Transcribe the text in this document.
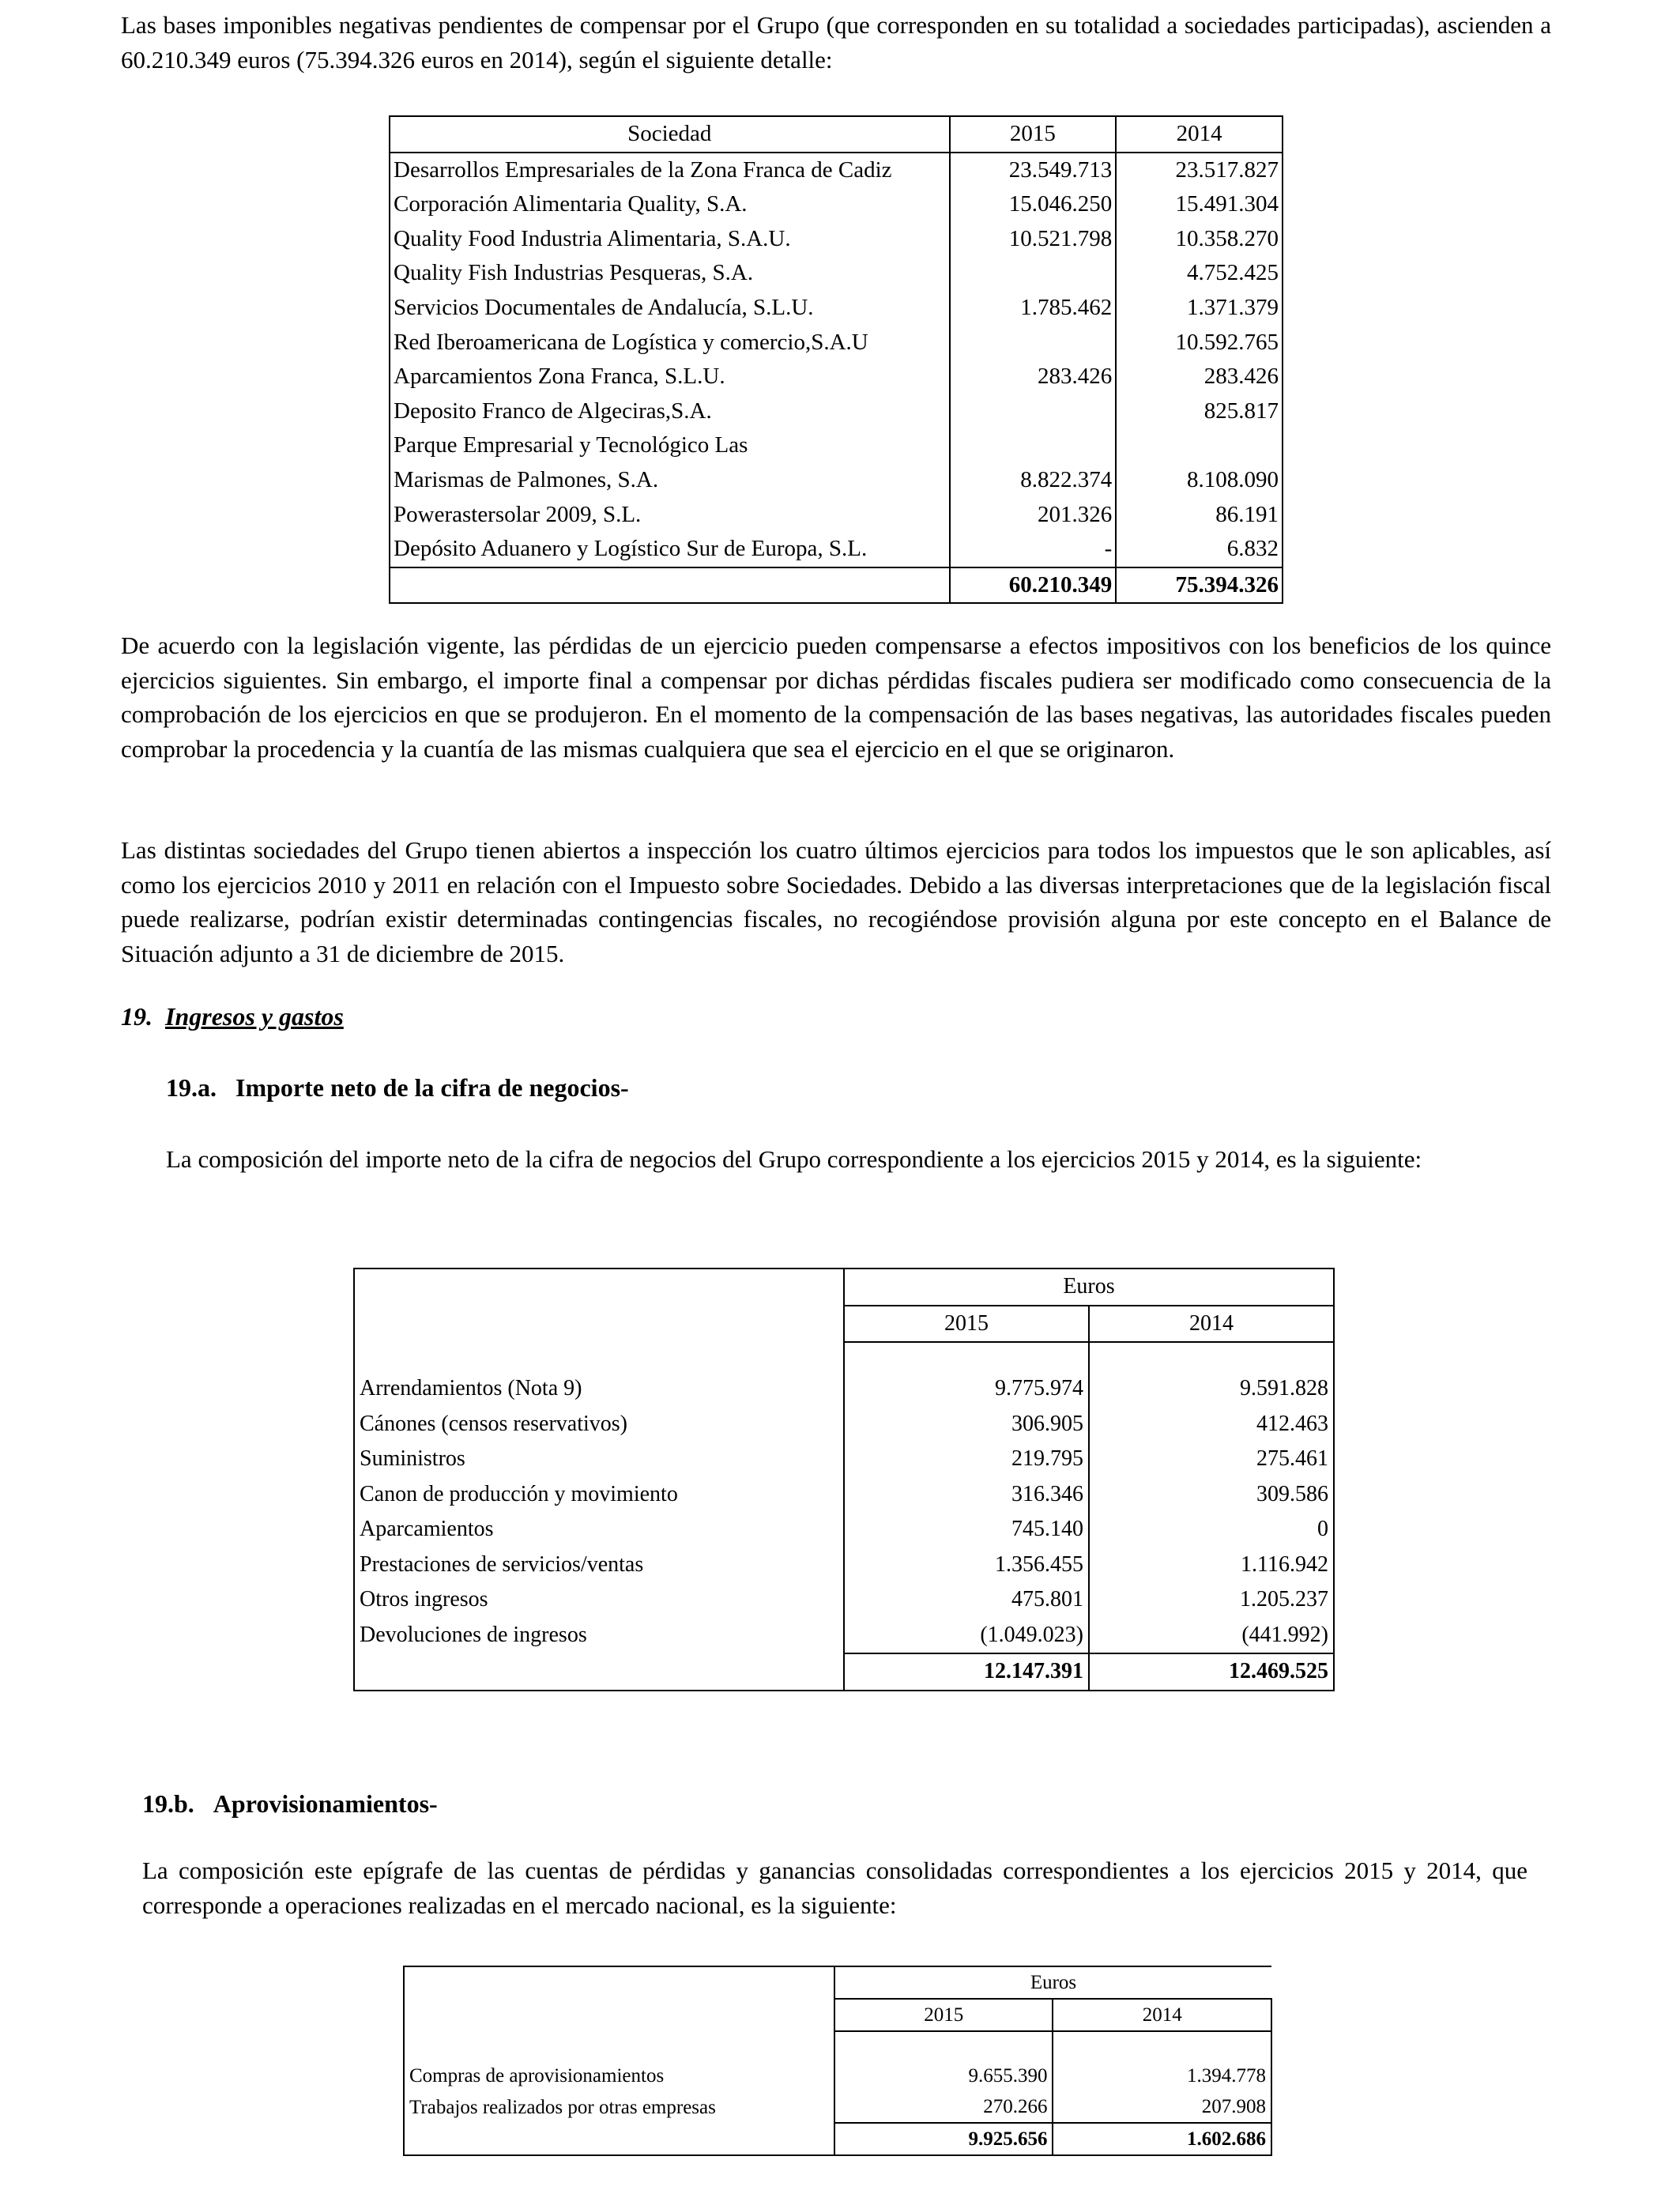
Las bases imponibles negativas pendientes de compensar por el Grupo (que corresponden en su totalidad a sociedades participadas), ascienden a 60.210.349 euros (75.394.326 euros en 2014), según el siguiente detalle:

Sociedad	2015	2014
Desarrollos Empresariales de la Zona Franca de Cadiz	23.549.713	23.517.827
Corporación Alimentaria Quality, S.A.	15.046.250	15.491.304
Quality Food Industria Alimentaria, S.A.U.	10.521.798	10.358.270
Quality Fish Industrias Pesqueras, S.A.		4.752.425
Servicios Documentales de Andalucía, S.L.U.	1.785.462	1.371.379
Red Iberoamericana de Logística y comercio,S.A.U		10.592.765
Aparcamientos Zona Franca, S.L.U.	283.426	283.426
Deposito Franco de Algeciras,S.A.		825.817
Parque Empresarial y Tecnológico Las		
Marismas de Palmones, S.A.	8.822.374	8.108.090
Powerastersolar 2009, S.L.	201.326	86.191
Depósito Aduanero y Logístico Sur de Europa, S.L.	-	6.832
	60.210.349	75.394.326

De acuerdo con la legislación vigente, las pérdidas de un ejercicio pueden compensarse a efectos impositivos con los beneficios de los quince ejercicios siguientes. Sin embargo, el importe final a compensar por dichas pérdidas fiscales pudiera ser modificado como consecuencia de la comprobación de los ejercicios en que se produjeron. En el momento de la compensación de las bases negativas, las autoridades fiscales pueden comprobar la procedencia y la cuantía de las mismas cualquiera que sea el ejercicio en el que se originaron.

Las distintas sociedades del Grupo tienen abiertos a inspección los cuatro últimos ejercicios para todos los impuestos que le son aplicables, así como los ejercicios 2010 y 2011 en relación con el Impuesto sobre Sociedades. Debido a las diversas interpretaciones que de la legislación fiscal puede realizarse, podrían existir determinadas contingencias fiscales, no recogiéndose provisión alguna por este concepto en el Balance de Situación adjunto a 31 de diciembre de 2015.

19. Ingresos y gastos

19.a. Importe neto de la cifra de negocios-

La composición del importe neto de la cifra de negocios del Grupo correspondiente a los ejercicios 2015 y 2014, es la siguiente:

	Euros	
	2015	2014

Arrendamientos (Nota 9)	9.775.974	9.591.828
Cánones (censos reservativos)	306.905	412.463
Suministros	219.795	275.461
Canon de producción y movimiento	316.346	309.586
Aparcamientos	745.140	0
Prestaciones de servicios/ventas	1.356.455	1.116.942
Otros ingresos	475.801	1.205.237
Devoluciones de ingresos	(1.049.023)	(441.992)
	12.147.391	12.469.525

19.b. Aprovisionamientos-

La composición este epígrafe de las cuentas de pérdidas y ganancias consolidadas correspondientes a los ejercicios 2015 y 2014, que corresponde a operaciones realizadas en el mercado nacional, es la siguiente:

	Euros	
	2015	2014

Compras de aprovisionamientos	9.655.390	1.394.778
Trabajos realizados por otras empresas	270.266	207.908
	9.925.656	1.602.686
